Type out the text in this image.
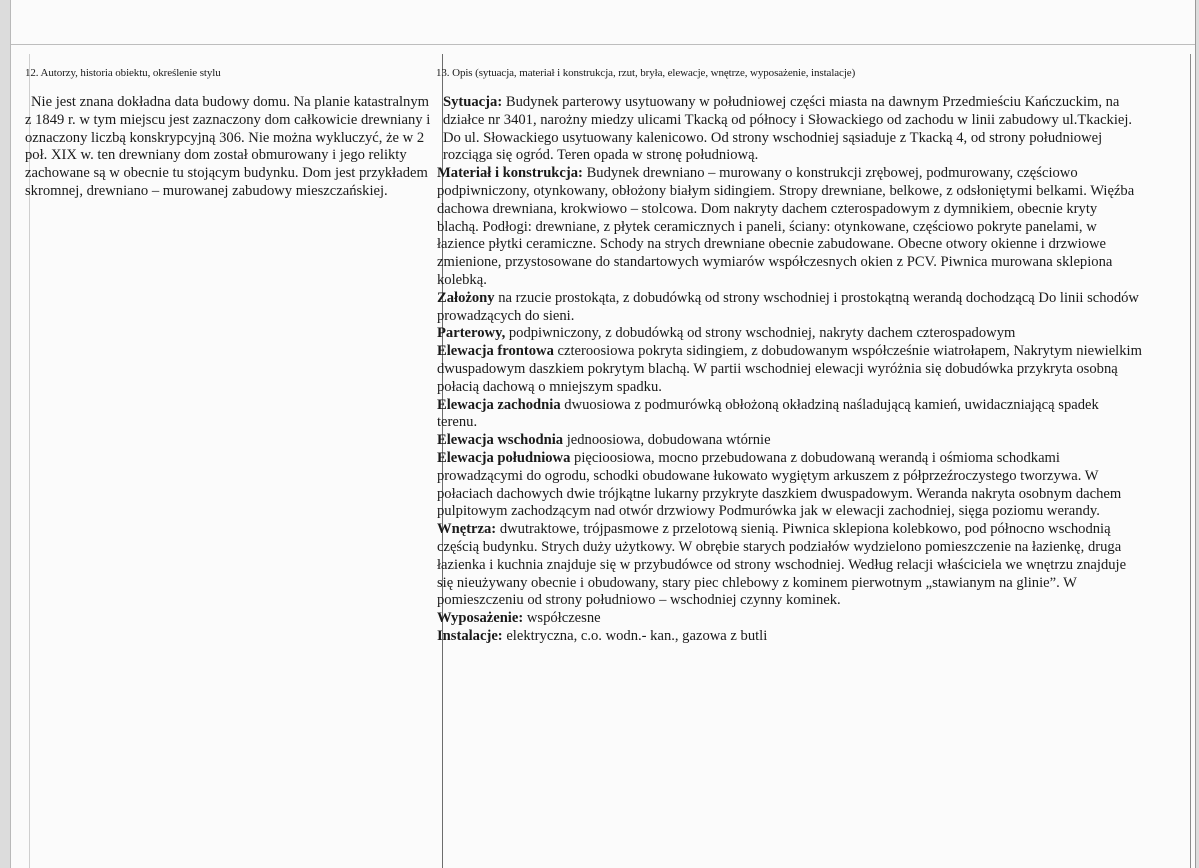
12. Autorzy, historia obiektu, określenie stylu	13. Opis (sytuacja, materiał i konstrukcja, rzut, bryła, elewacje, wnętrze, wyposażenie, instalacje)

Nie jest znana dokładna data budowy domu. Na planie katastralnym z 1849 r. w tym miejscu jest zaznaczony dom całkowicie drewniany i oznaczony liczbą konskrypcyjną 306. Nie można wykluczyć, że w 2 poł. XIX w. ten drewniany dom został obmurowany i jego relikty zachowane są w obecnie tu stojącym budynku. Dom jest przykładem skromnej, drewniano – murowanej zabudowy mieszczańskiej.

Sytuacja: Budynek parterowy usytuowany w południowej części miasta na dawnym Przedmieściu Kańczuckim, na działce nr 3401, narożny miedzy ulicami Tkacką od północy i Słowackiego od zachodu w linii zabudowy ul.Tkackiej. Do ul. Słowackiego usytuowany kalenicowo. Od strony wschodniej sąsiaduje z Tkacką 4, od strony południowej rozciąga się ogród. Teren opada w stronę południową.

Materiał i konstrukcja: Budynek drewniano – murowany o konstrukcji zrębowej, podmurowany, częściowo podpiwniczony, otynkowany, obłożony białym sidingiem. Stropy drewniane, belkowe, z odsłoniętymi belkami. Więźba dachowa drewniana, krokwiowo – stolcowa. Dom nakryty dachem czterospadowym z dymnikiem, obecnie kryty blachą. Podłogi: drewniane, z płytek ceramicznych i paneli, ściany: otynkowane, częściowo pokryte panelami, w łazience płytki ceramiczne. Schody na strych drewniane obecnie zabudowane. Obecne otwory okienne i drzwiowe zmienione, przystosowane do standartowych wymiarów współczesnych okien z PCV. Piwnica murowana sklepiona kolebką.

Założony na rzucie prostokąta, z dobudówką od strony wschodniej i prostokątną werandą dochodzącą Do linii schodów prowadzących do sieni.

Parterowy, podpiwniczony, z dobudówką od strony wschodniej, nakryty dachem czterospadowym

Elewacja frontowa czteroosiowa pokryta sidingiem, z dobudowanym współcześnie wiatrołapem, Nakrytym niewielkim dwuspadowym daszkiem pokrytym blachą. W partii wschodniej elewacji wyróżnia się dobudówka przykryta osobną połacią dachową o mniejszym spadku.

Elewacja zachodnia dwuosiowa z podmurówką obłożoną okładziną naśladującą kamień, uwidaczniającą spadek terenu.

Elewacja wschodnia jednoosiowa, dobudowana wtórnie

Elewacja południowa pięcioosiowa, mocno przebudowana z dobudowaną werandą i ośmioma schodkami prowadzącymi do ogrodu, schodki obudowane łukowato wygiętym arkuszem z półprzeźroczystego tworzywa. W połaciach dachowych dwie trójkątne lukarny przykryte daszkiem dwuspadowym. Weranda nakryta osobnym dachem pulpitowym zachodzącym nad otwór drzwiowy Podmurówka jak w elewacji zachodniej, sięga poziomu werandy.

Wnętrza: dwutraktowe, trójpasmowe z przelotową sienią. Piwnica sklepiona kolebkowo, pod północno wschodnią częścią budynku. Strych duży użytkowy. W obrębie starych podziałów wydzielono pomieszczenie na łazienkę, druga łazienka i kuchnia znajduje się w przybudówce od strony wschodniej. Według relacji właściciela we wnętrzu znajduje się nieużywany obecnie i obudowany, stary piec chlebowy z kominem pierwotnym „stawianym na glinie”. W pomieszczeniu od strony południowo – wschodniej czynny kominek.

Wyposażenie: współczesne

Instalacje: elektryczna, c.o. wodn.- kan., gazowa z butli
